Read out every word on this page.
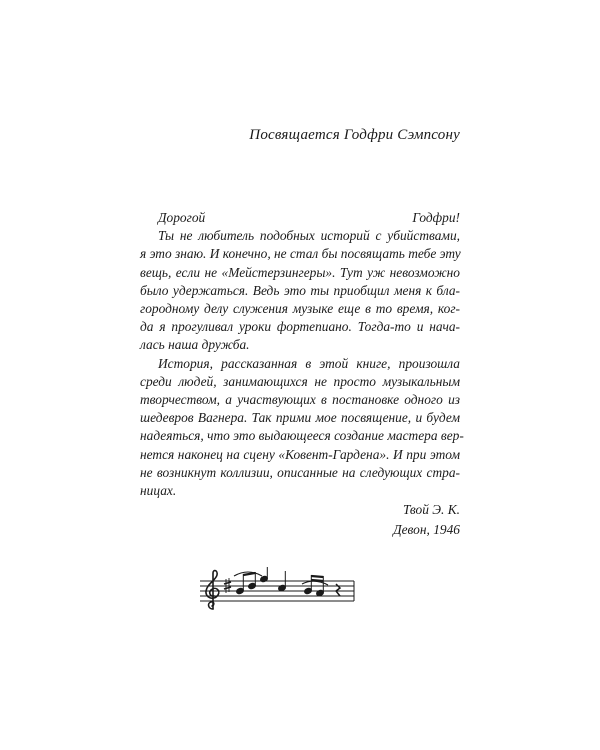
Посвящается Годфри Сэмпсону
Дорогой Годфри!
Ты не любитель подобных историй с убийствами,
я это знаю. И конечно, не стал бы посвящать тебе эту
вещь, если не «Мейстерзингеры». Тут уж невозможно
было удержаться. Ведь это ты приобщил меня к бла-
городному делу служения музыке еще в то время, ког-
да я прогуливал уроки фортепиано. Тогда-то и нача-
лась наша дружба.
История, рассказанная в этой книге, произошла
среди людей, занимающихся не просто музыкальным
творчеством, а участвующих в постановке одного из
шедевров Вагнера. Так прими мое посвящение, и будем
надеяться, что это выдающееся создание мастера вер-
нется наконец на сцену «Ковент-Гардена». И при этом
не возникнут коллизии, описанные на следующих стра-
ницах.
Твой Э. К.
Девон, 1946
